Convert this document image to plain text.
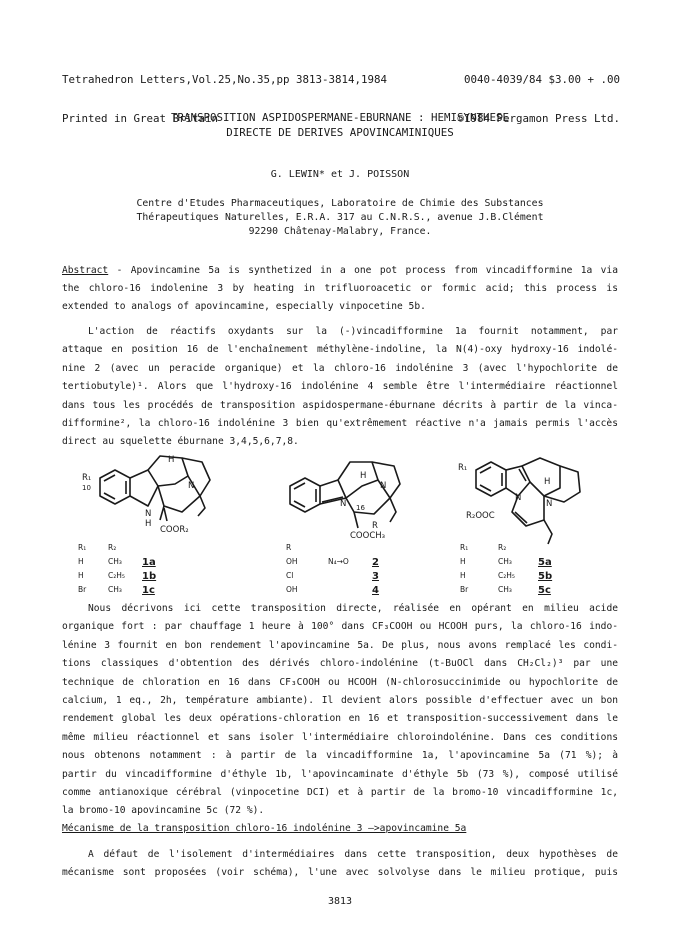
Tetrahedron Letters,Vol.25,No.35,pp 3813-3814,1984

Printed in Great Britain

0040-4039/84 $3.00 + .00

©1984 Pergamon Press Ltd.

TRANSPOSITION ASPIDOSPERMANE-EBURNANE : HEMISYNTHESE
DIRECTE DE DERIVES APOVINCAMINIQUES
G. LEWIN* et J. POISSON
Centre d'Etudes Pharmaceutiques, Laboratoire de Chimie des Substances
Thérapeutiques Naturelles, E.R.A. 317 au C.N.R.S., avenue J.B.Clément
92290 Châtenay-Malabry, France.
Abstract - Apovincamine 5a is synthetized in a one pot process from vincadifformine 1a via
the chloro-16 indolenine 3 by heating in trifluoroacetic or formic acid; this process is
extended to analogs of apovincamine, especially vinpocetine 5b.
L'action de réactifs oxydants sur la (-)vincadifformine 1a fournit notamment, par
attaque en position 16 de l'enchaînement méthylène-indoline, la N(4)-oxy hydroxy-16 indolé-
nine 2 (avec un peracide organique) et la chloro-16 indolénine 3 (avec l'hypochlorite de
tertiobutyle)¹. Alors que l'hydroxy-16 indolénine 4 semble être l'intermédiaire réactionnel
dans tous les procédés de transposition aspidospermane-éburnane décrits à partir de la vinca-
difformine², la chloro-16 indolénine 3 bien qu'extrêmement réactive n'a jamais permis l'accès
direct au squelette éburnane 3,4,5,6,7,8.
R₁
10
N
H
H
N
COOR₂
N
H
N
16
R
COOCH₃
R₁
N
H
N
R₂OOC
R₁	R₂
H	CH₃ 1a
H	C₂H₅ 1b
Br	CH₃ 1c
R
OH	N₄→O 2
Cl	3
OH	4
R₁	R₂
H	CH₃	5a
H	C₂H₅ 5b
Br	CH₃	5c
Nous décrivons ici cette transposition directe, réalisée en opérant en milieu acide
organique fort : par chauffage 1 heure à 100° dans CF₃COOH ou HCOOH purs, la chloro-16 indo-
lénine 3 fournit en bon rendement l'apovincamine 5a. De plus, nous avons remplacé les condi-
tions classiques d'obtention des dérivés chloro-indolénine (t-BuOCl dans CH₂Cl₂)³ par une
technique de chloration en 16 dans CF₃COOH ou HCOOH (N-chlorosuccinimide ou hypochlorite de
calcium, 1 eq., 2h, température ambiante). Il devient alors possible d'effectuer avec un bon
rendement global les deux opérations-chloration en 16 et transposition-successivement dans le
même milieu réactionnel et sans isoler l'intermédiaire chloroindolénine. Dans ces conditions
nous obtenons notamment : à partir de la vincadifformine 1a, l'apovincamine 5a (71 %); à
partir du vincadifformine d'éthyle 1b, l'apovincaminate d'éthyle 5b (73 %), composé utilisé
comme antianoxique cérébral (vinpocetine DCI) et à partir de la bromo-10 vincadifformine 1c,
la bromo-10 apovincamine 5c (72 %).
Mécanisme de la transposition chloro-16 indolénine 3 —>apovincamine 5a
A défaut de l'isolement d'intermédiaires dans cette transposition, deux hypothèses de
mécanisme sont proposées (voir schéma), l'une avec solvolyse dans le milieu protique, puis
3813
